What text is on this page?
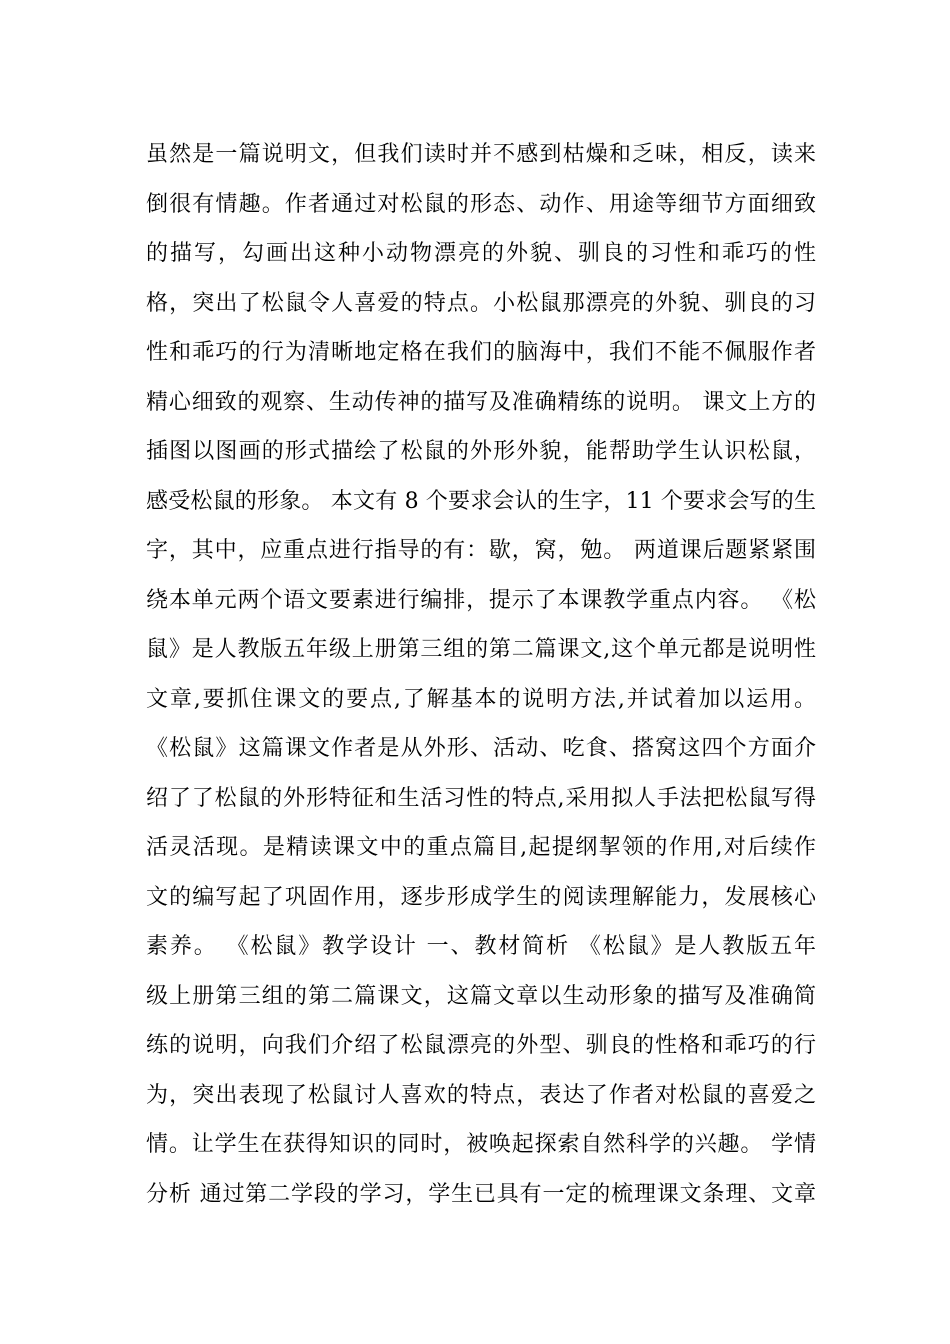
虽然是一篇说明文，但我们读时并不感到枯燥和乏味，相反，读来
倒很有情趣。作者通过对松鼠的形态、动作、用途等细节方面细致
的描写，勾画出这种小动物漂亮的外貌、驯良的习性和乖巧的性
格，突出了松鼠令人喜爱的特点。小松鼠那漂亮的外貌、驯良的习
性和乖巧的行为清晰地定格在我们的脑海中，我们不能不佩服作者
精心细致的观察、生动传神的描写及准确精练的说明。 课文上方的
插图以图画的形式描绘了松鼠的外形外貌，能帮助学生认识松鼠，
感受松鼠的形象。 本文有 8 个要求会认的生字，11 个要求会写的生
字，其中，应重点进行指导的有：歇，窝，勉。 两道课后题紧紧围
绕本单元两个语文要素进行编排，提示了本课教学重点内容。 《松
鼠》是人教版五年级上册第三组的第二篇课文,这个单元都是说明性
文章,要抓住课文的要点,了解基本的说明方法,并试着加以运用。
《松鼠》这篇课文作者是从外形、活动、吃食、搭窝这四个方面介
绍了了松鼠的外形特征和生活习性的特点,采用拟人手法把松鼠写得
活灵活现。是精读课文中的重点篇目,起提纲挈领的作用,对后续作
文的编写起了巩固作用，逐步形成学生的阅读理解能力，发展核心
素养。 《松鼠》教学设计 一、教材简析 《松鼠》是人教版五年
级上册第三组的第二篇课文，这篇文章以生动形象的描写及准确简
练的说明，向我们介绍了松鼠漂亮的外型、驯良的性格和乖巧的行
为，突出表现了松鼠讨人喜欢的特点，表达了作者对松鼠的喜爱之
情。让学生在获得知识的同时，被唤起探索自然科学的兴趣。 学情
分析 通过第二学段的学习，学生已具有一定的梳理课文条理、文章
